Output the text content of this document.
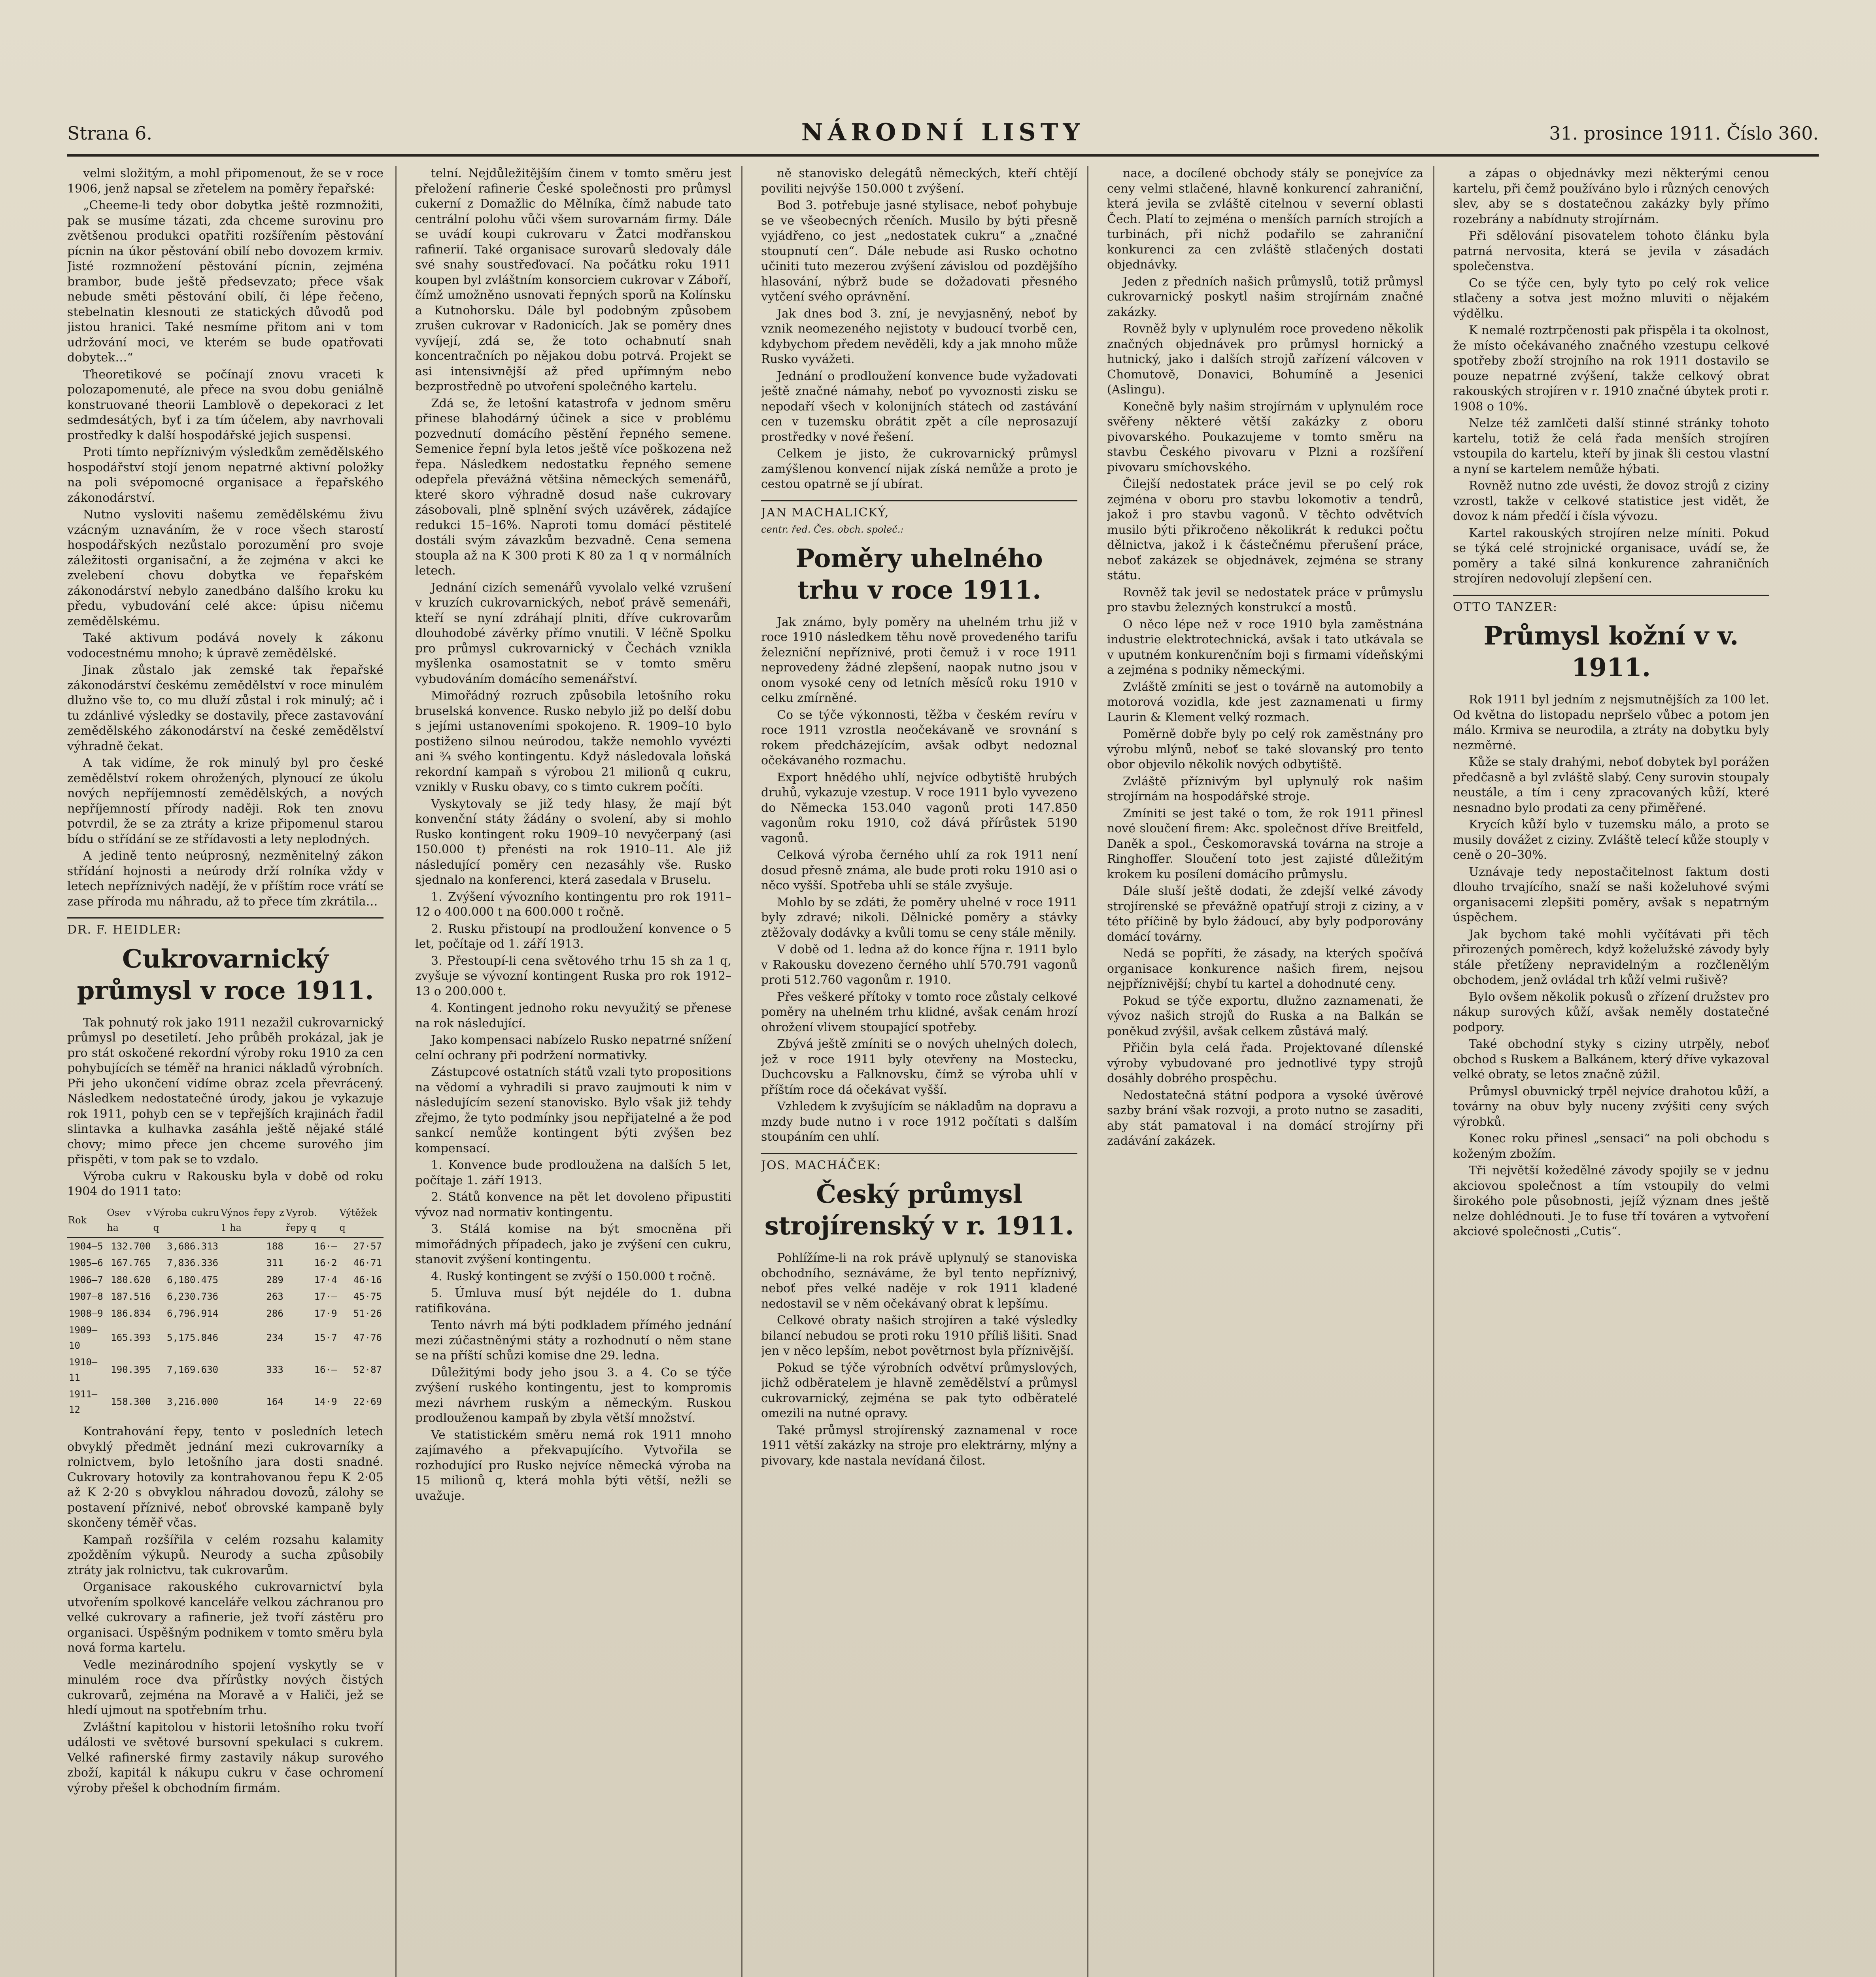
Strana 6.	NÁRODNÍ LISTY	31. prosince 1911. Číslo 360.

velmi složitým, a mohl připomenout, že se v roce 1906, jenž napsal se zřetelem na poměry řepařské:

„Cheeme-li tedy obor dobytka ještě rozmnožiti, pak se musíme tázati, zda chceme surovinu pro zvětšenou produkci opatřiti rozšířením pěstování pícnin na úkor pěstování obilí nebo dovozem krmiv. Jisté rozmnožení pěstování pícnin, zejména brambor, bude ještě předsevzato; přece však nebude směti pěstování obilí, či lépe řečeno, stebelnatin klesnouti ze statických důvodů pod jistou hranici. Také nesmíme přitom ani v tom udržování moci, ve kterém se bude opatřovati dobytek…“

Theoretikové se počínají znovu vraceti k polozapomenuté, ale přece na svou dobu geniálně konstruované theorii Lamblově o depekoraci z let sedmdesátých, byť i za tím účelem, aby navrhovali prostředky k další hospodářské jejich suspensi.

Proti tímto nepříznivým výsledkům zemědělského hospodářství stojí jenom nepatrné aktivní položky na poli svépomocné organisace a řepařského zákonodárství.

Nutno vysloviti našemu zemědělskému živu vzácným uznaváním, že v roce všech starostí hospodářských nezůstalo porozumění pro svoje záležitosti organisační, a že zejména v akci ke zvelebení chovu dobytka ve řepařském zákonodárství nebylo zanedbáno dalšího kroku ku předu, vybudování celé akce: úpisu ničemu zemědělskému.

Také aktivum podává novely k zákonu vodocestnému mnoho; k úpravě zemědělské.

Jinak zůstalo jak zemské tak řepařské zákonodárství českému zemědělství v roce minulém dlužno vše to, co mu dluží zůstal i rok minulý; ač i tu zdánlivé výsledky se dostavily, přece zastavování zemědělského zákonodárství na české zemědělství výhradně čekat.

A tak vidíme, že rok minulý byl pro české zemědělství rokem ohrožených, plynoucí ze úkolu nových nepříjemností zemědělských, a nových nepříjemností přírody naději. Rok ten znovu potvrdil, že se za ztráty a krize připomenul starou bídu o střídání se ze střídavosti a lety neplodných.

A jedině tento neúprosný, nezměnitelný zákon střídání hojnosti a neúrody drží rolníka vždy v letech nepříznivých nadějí, že v příštím roce vrátí se zase příroda mu náhradu, až to přece tím zkrátila…

DR. F. HEIDLER:

Cukrovarnický průmysl v roce 1911.

Tak pohnutý rok jako 1911 nezažil cukrovarnický průmysl po desetiletí. Jeho průběh prokázal, jak je pro stát oskočené rekordní výroby roku 1910 za cen pohybujících se téměř na hranici nákladů výrobních. Při jeho ukončení vidíme obraz zcela převrácený. Následkem nedostatečné úrody, jakou je vykazuje rok 1911, pohyb cen se v tepřejších krajinách řadil slintavka a kulhavka zasáhla ještě nějaké stálé chovy; mimo přece jen chceme surového jim přispěti, v tom pak se to vzdalo.

Výroba cukru v Rakousku byla v době od roku 1904 do 1911 tato:

Rok	Osev v ha	Výroba cukru q	Výnos řepy z 1 ha	Vyrob. řepy q	Výtěžek q
1904–5	132.700	3,686.313	188	16·–	27·57
1905–6	167.765	7,836.336	311	16·2	46·71
1906–7	180.620	6,180.475	289	17·4	46·16
1907–8	187.516	6,230.736	263	17·–	45·75
1908–9	186.834	6,796.914	286	17·9	51·26
1909–10	165.393	5,175.846	234	15·7	47·76
1910–11	190.395	7,169.630	333	16·–	52·87
1911–12	158.300	3,216.000	164	14·9	22·69

Kontrahování řepy, tento v posledních letech obvyklý předmět jednání mezi cukrovarníky a rolnictvem, bylo letošního jara dosti snadné. Cukrovary hotovily za kontrahovanou řepu K 2·05 až K 2·20 s obvyklou náhradou dovozů, zálohy se postavení příznivé, neboť obrovské kampaně byly skončeny téměř včas.

Kampaň rozšířila v celém rozsahu kalamity zpožděním výkupů. Neurody a sucha způsobily ztráty jak rolnictvu, tak cukrovarům.

Organisace rakouského cukrovarnictví byla utvořením spolkové kanceláře velkou záchranou pro velké cukrovary a rafinerie, jež tvoří zástěru pro organisaci. Úspěšným podnikem v tomto směru byla nová forma kartelu.

Vedle mezinárodního spojení vyskytly se v minulém roce dva přírůstky nových čistých cukrovarů, zejména na Moravě a v Haliči, jež se hledí ujmout na spotřebním trhu.

Zvláštní kapitolou v historii letošního roku tvoří události ve světové bursovní spekulaci s cukrem. Velké rafinerské firmy zastavily nákup surového zboží, kapitál k nákupu cukru v čase ochromení výroby přešel k obchodním firmám.

telní. Nejdůležitějším činem v tomto směru jest přeložení rafinerie České společnosti pro průmysl cukerní z Domažlic do Mělníka, čímž nabude tato centrální polohu vůči všem surovarnám firmy. Dále se uvádí koupi cukrovaru v Žatci modřanskou rafinerií. Také organisace surovarů sledovaly dále své snahy soustřeďovací. Na počátku roku 1911 koupen byl zvláštním konsorciem cukrovar v Záboří, čímž umožněno usnovati řepných sporů na Kolínsku a Kutnohorsku. Dále byl podobným způsobem zrušen cukrovar v Radonicích. Jak se poměry dnes vyvíjejí, zdá se, že toto ochabnutí snah koncentračních po nějakou dobu potrvá. Projekt se asi intensivnější až před upřímným nebo bezprostředně po utvoření společného kartelu.

Zdá se, že letošní katastrofa v jednom směru přinese blahodárný účinek a sice v problému pozvednutí domácího pěstění řepného semene. Semenice řepní byla letos ještě více poškozena než řepa. Následkem nedostatku řepného semene odepřela převážná většina německých semenářů, které skoro výhradně dosud naše cukrovary zásobovali, plně splnění svých uzávěrek, zádajíce redukci 15–16%. Naproti tomu domácí pěstitelé dostáli svým závazkům bezvadně. Cena semena stoupla až na K 300 proti K 80 za 1 q v normálních letech.

Jednání cizích semenářů vyvolalo velké vzrušení v kruzích cukrovarnických, neboť právě semenáři, kteří se nyní zdráhají plniti, dříve cukrovarům dlouhodobé závěrky přímo vnutili. V léčně Spolku pro průmysl cukrovarnický v Čechách vznikla myšlenka osamostatnit se v tomto směru vybudováním domácího semenářství.

Mimořádný rozruch způsobila letošního roku bruselská konvence. Rusko nebylo již po delší dobu s jejími ustanoveními spokojeno. R. 1909–10 bylo postiženo silnou neúrodou, takže nemohlo vyvézti ani ¾ svého kontingentu. Když následovala loňská rekordní kampaň s výrobou 21 milionů q cukru, vznikly v Rusku obavy, co s timto cukrem počíti.

Vyskytovaly se již tedy hlasy, že mají být konvenční státy žádány o svolení, aby si mohlo Rusko kontingent roku 1909–10 nevyčerpaný (asi 150.000 t) přenésti na rok 1910–11. Ale již následující poměry cen nezasáhly vše. Rusko sjednalo na konferenci, která zasedala v Bruselu.

1. Zvýšení vývozního kontingentu pro rok 1911–12 o 400.000 t na 600.000 t ročně.

2. Rusku přistoupí na prodloužení konvence o 5 let, počítaje od 1. září 1913.

3. Přestoupí-li cena světového trhu 15 sh za 1 q, zvyšuje se vývozní kontingent Ruska pro rok 1912–13 o 200.000 t.

4. Kontingent jednoho roku nevyužitý se přenese na rok následující.

Jako kompensaci nabízelo Rusko nepatrné snížení celní ochrany při podržení normativky.

Zástupcové ostatních států vzali tyto propositions na vědomí a vyhradili si pravo zaujmouti k nim v následujícím sezení stanovisko. Bylo však již tehdy zřejmo, že tyto podmínky jsou nepřijatelné a že pod sankcí nemůže kontingent býti zvýšen bez kompensací.

1. Konvence bude prodloužena na dalších 5 let, počítaje 1. září 1913.

2. Států konvence na pět let dovoleno připustiti vývoz nad normativ kontingentu.

3. Stálá komise na být smocněna při mimořádných případech, jako je zvýšení cen cukru, stanovit zvýšení kontingentu.

4. Ruský kontingent se zvýší o 150.000 t ročně.

5. Úmluva musí být nejdéle do 1. dubna ratifikována.

Tento návrh má býti podkladem přímého jednání mezi zúčastněnými státy a rozhodnutí o něm stane se na příští schůzi komise dne 29. ledna.

Důležitými body jeho jsou 3. a 4. Co se týče zvýšení ruského kontingentu, jest to kompromis mezi návrhem ruským a německým. Ruskou prodlouženou kampaň by zbyla větší množství.

Ve statistickém směru nemá rok 1911 mnoho zajímavého a překvapujícího. Vytvořila se rozhodující pro Rusko nejvíce německá výroba na 15 milionů q, která mohla býti větší, nežli se uvažuje.

ně stanovisko delegátů německých, kteří chtějí poviliti nejvýše 150.000 t zvýšení.

Bod 3. potřebuje jasné stylisace, neboť pohybuje se ve všeobecných rčeních. Musilo by býti přesně vyjádřeno, co jest „nedostatek cukru“ a „značné stoupnutí cen“. Dále nebude asi Rusko ochotno učiniti tuto mezerou zvýšení závislou od pozdějšího hlasování, nýbrž bude se dožadovati přesného vytčení svého oprávnění.

Jak dnes bod 3. zní, je nevyjasněný, neboť by vznik neomezeného nejistoty v budoucí tvorbě cen, kdybychom předem nevěděli, kdy a jak mnoho může Rusko vyvážeti.

Jednání o prodloužení konvence bude vyžadovati ještě značné námahy, neboť po vyvoznosti zisku se nepodaří všech v kolonijních státech od zastávání cen v tuzemsku obrátit zpět a cíle neprosazují prostředky v nové řešení.

Celkem je jisto, že cukrovarnický průmysl zamýšlenou konvencí nijak získá nemůže a proto je cestou opatrně se jí ubírat.

JAN MACHALICKÝ,

centr. řed. Čes. obch. společ.:

Poměry uhelného trhu v roce 1911.

Jak známo, byly poměry na uhelném trhu již v roce 1910 následkem těhu nově provedeného tarifu železniční nepříznivé, proti čemuž i v roce 1911 neprovedeny žádné zlepšení, naopak nutno jsou v onom vysoké ceny od letních měsíců roku 1910 v celku zmírněné.

Co se týče výkonnosti, těžba v českém revíru v roce 1911 vzrostla neočekávaně ve srovnání s rokem předcházejícím, avšak odbyt nedoznal očekávaného rozmachu.

Export hnědého uhlí, nejvíce odbytiště hrubých druhů, vykazuje vzestup. V roce 1911 bylo vyvezeno do Německa 153.040 vagonů proti 147.850 vagonům roku 1910, což dává přírůstek 5190 vagonů.

Celková výroba černého uhlí za rok 1911 není dosud přesně známa, ale bude proti roku 1910 asi o něco vyšší. Spotřeba uhlí se stále zvyšuje.

Mohlo by se zdáti, že poměry uhelné v roce 1911 byly zdravé; nikoli. Dělnické poměry a stávky ztěžovaly dodávky a kvůli tomu se ceny stále měnily.

V době od 1. ledna až do konce října r. 1911 bylo v Rakousku dovezeno černého uhlí 570.791 vagonů proti 512.760 vagonům r. 1910.

Přes veškeré přítoky v tomto roce zůstaly celkové poměry na uhelném trhu klidné, avšak cenám hrozí ohrožení vlivem stoupající spotřeby.

Zbývá ještě zmíniti se o nových uhelných dolech, jež v roce 1911 byly otevřeny na Mostecku, Duchcovsku a Falknovsku, čímž se výroba uhlí v příštím roce dá očekávat vyšší.

Vzhledem k zvyšujícím se nákladům na dopravu a mzdy bude nutno i v roce 1912 počítati s dalším stoupáním cen uhlí.

JOS. MACHÁČEK:

Český průmysl strojírenský v r. 1911.

Pohlížíme-li na rok právě uplynulý se stanoviska obchodního, seznáváme, že byl tento nepříznivý, neboť přes velké naděje v rok 1911 kladené nedostavil se v něm očekávaný obrat k lepšímu.

Celkové obraty našich strojíren a také výsledky bilancí nebudou se proti roku 1910 příliš lišiti. Snad jen v něco lepším, nebot povětrnost byla příznivější.

Pokud se týče výrobních odvětví průmyslových, jichž odběratelem je hlavně zemědělství a průmysl cukrovarnický, zejména se pak tyto odběratelé omezili na nutné opravy.

Také průmysl strojírenský zaznamenal v roce 1911 větší zakázky na stroje pro elektrárny, mlýny a pivovary, kde nastala nevídaná čilost.

nace, a docílené obchody stály se ponejvíce za ceny velmi stlačené, hlavně konkurencí zahraniční, která jevila se zvláště citelnou v severní oblasti Čech. Platí to zejména o menších parních strojích a turbinách, při nichž podařilo se zahraniční konkurenci za cen zvláště stlačených dostati objednávky.

Jeden z předních našich průmyslů, totiž průmysl cukrovarnický poskytl našim strojírnám značné zakázky.

Rovněž byly v uplynulém roce provedeno několik značných objednávek pro průmysl hornický a hutnický, jako i dalších strojů zařízení válcoven v Chomutově, Donavici, Bohumíně a Jesenici (Aslingu).

Konečně byly našim strojírnám v uplynulém roce svěřeny některé větší zakázky z oboru pivovarského. Poukazujeme v tomto směru na stavbu Českého pivovaru v Plzni a rozšíření pivovaru smíchovského.

Čilejší nedostatek práce jevil se po celý rok zejména v oboru pro stavbu lokomotiv a tendrů, jakož i pro stavbu vagonů. V těchto odvětvích musilo býti přikročeno několikrát k redukci počtu dělnictva, jakož i k částečnému přerušení práce, neboť zakázek se objednávek, zejména se strany státu.

Rovněž tak jevil se nedostatek práce v průmyslu pro stavbu železných konstrukcí a mostů.

O něco lépe než v roce 1910 byla zaměstnána industrie elektrotechnická, avšak i tato utkávala se v uputném konkurenčním boji s firmami vídeňskými a zejména s podniky německými.

Zvláště zmíniti se jest o továrně na automobily a motorová vozidla, kde jest zaznamenati u firmy Laurin & Klement velký rozmach.

Poměrně dobře byly po celý rok zaměstnány pro výrobu mlýnů, neboť se také slovanský pro tento obor objevilo několik nových odbytiště.

Zvláště příznivým byl uplynulý rok našim strojírnám na hospodářské stroje.

Zmíniti se jest také o tom, že rok 1911 přinesl nové sloučení firem: Akc. společnost dříve Breitfeld, Daněk a spol., Českomoravská továrna na stroje a Ringhoffer. Sloučení toto jest zajisté důležitým krokem ku posílení domácího průmyslu.

Dále sluší ještě dodati, že zdejší velké závody strojírenské se převážně opatřují stroji z ciziny, a v této příčině by bylo žádoucí, aby byly podporovány domácí továrny.

Nedá se popříti, že zásady, na kterých spočívá organisace konkurence našich firem, nejsou nejpříznivější; chybí tu kartel a dohodnuté ceny.

Pokud se týče exportu, dlužno zaznamenati, že vývoz našich strojů do Ruska a na Balkán se poněkud zvýšil, avšak celkem zůstává malý.

Přičin byla celá řada. Projektované dílenské výroby vybudované pro jednotlivé typy strojů dosáhly dobrého prospěchu.

Nedostatečná státní podpora a vysoké úvěrové sazby brání však rozvoji, a proto nutno se zasaditi, aby stát pamatoval i na domácí strojírny při zadávání zakázek.

a zápas o objednávky mezi některými cenou kartelu, při čemž používáno bylo i různých cenových slev, aby se s dostatečnou zakázky byly přímo rozebrány a nabídnuty strojírnám.

Při sdělování pisovatelem tohoto článku byla patrná nervosita, která se jevila v zásadách společenstva.

Co se týče cen, byly tyto po celý rok velice stlačeny a sotva jest možno mluviti o nějakém výdělku.

K nemalé roztrpčenosti pak přispěla i ta okolnost, že místo očekávaného značného vzestupu celkové spotřeby zboží strojního na rok 1911 dostavilo se pouze nepatrné zvýšení, takže celkový obrat rakouských strojíren v r. 1910 značné úbytek proti r. 1908 o 10%.

Nelze též zamlčeti další stinné stránky tohoto kartelu, totiž že celá řada menších strojíren vstoupila do kartelu, kteří by jinak šli cestou vlastní a nyní se kartelem nemůže hýbati.

Rovněž nutno zde uvésti, že dovoz strojů z ciziny vzrostl, takže v celkové statistice jest vidět, že dovoz k nám předčí i čísla vývozu.

Kartel rakouských strojíren nelze míniti. Pokud se týká celé strojnické organisace, uvádí se, že poměry a také silná konkurence zahraničních strojíren nedovolují zlepšení cen.

OTTO TANZER:

Průmysl kožní v v. 1911.

Rok 1911 byl jedním z nejsmutnějších za 100 let. Od května do listopadu nepršelo vůbec a potom jen málo. Krmiva se neurodila, a ztráty na dobytku byly nezměrné.

Kůže se staly drahými, neboť dobytek byl porážen předčasně a byl zvláště slabý. Ceny surovin stoupaly neustále, a tím i ceny zpracovaných kůží, které nesnadno bylo prodati za ceny přiměřené.

Krycích kůží bylo v tuzemsku málo, a proto se musily dovážet z ciziny. Zvláště telecí kůže stouply v ceně o 20–30%.

Uznávaje tedy nepostačitelnost faktum dosti dlouho trvajícího, snaží se naši koželuhové svými organisacemi zlepšiti poměry, avšak s nepatrným úspěchem.

Jak bychom také mohli vyčítávati při těch přirozených poměrech, když koželužské závody byly stále přetíženy nepravidelným a rozčlenělým obchodem, jenž ovládal trh kůží velmi rušivě?

Bylo ovšem několik pokusů o zřízení družstev pro nákup surových kůží, avšak neměly dostatečné podpory.

Také obchodní styky s ciziny utrpěly, neboť obchod s Ruskem a Balkánem, který dříve vykazoval velké obraty, se letos značně zúžil.

Průmysl obuvnický trpěl nejvíce drahotou kůží, a továrny na obuv byly nuceny zvýšiti ceny svých výrobků.

Konec roku přinesl „sensaci“ na poli obchodu s koženým zbožím.

Tři největší kožedělné závody spojily se v jednu akciovou společnost a tím vstoupily do velmi širokého pole působnosti, jejíž význam dnes ještě nelze dohlédnouti. Je to fuse tří továren a vytvoření akciové společnosti „Cutis“.
